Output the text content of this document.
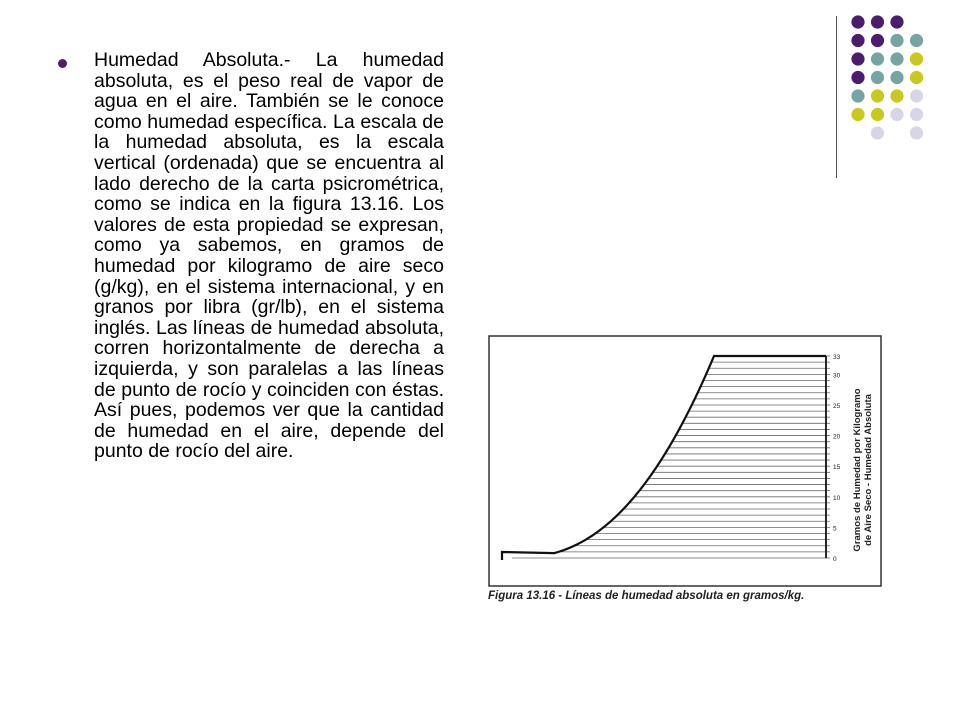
Humedad Absoluta.- La humedad absoluta, es el peso real de vapor de agua en el aire. También se le conoce como humedad específica. La escala de la humedad absoluta, es la escala vertical (ordenada) que se encuentra al lado derecho de la carta psicrométrica, como se indica en la figura 13.16. Los valores de esta propiedad se expresan, como ya sabemos, en gramos de humedad por kilogramo de aire seco (g/kg), en el sistema internacional, y en granos por libra (gr/lb), en el sistema inglés. Las líneas de humedad absoluta, corren horizontalmente de derecha a izquierda, y son paralelas a las líneas de punto de rocío y coinciden con éstas. Así pues, podemos ver que la cantidad de humedad en el aire, depende del punto de rocío del aire.

0
5
10
15
20
25
30
33
Gramos de Humedad por Kilogramo de Aire Seco - Humedad Absoluta
Figura 13.16 - Líneas de humedad absoluta en gramos/kg.
